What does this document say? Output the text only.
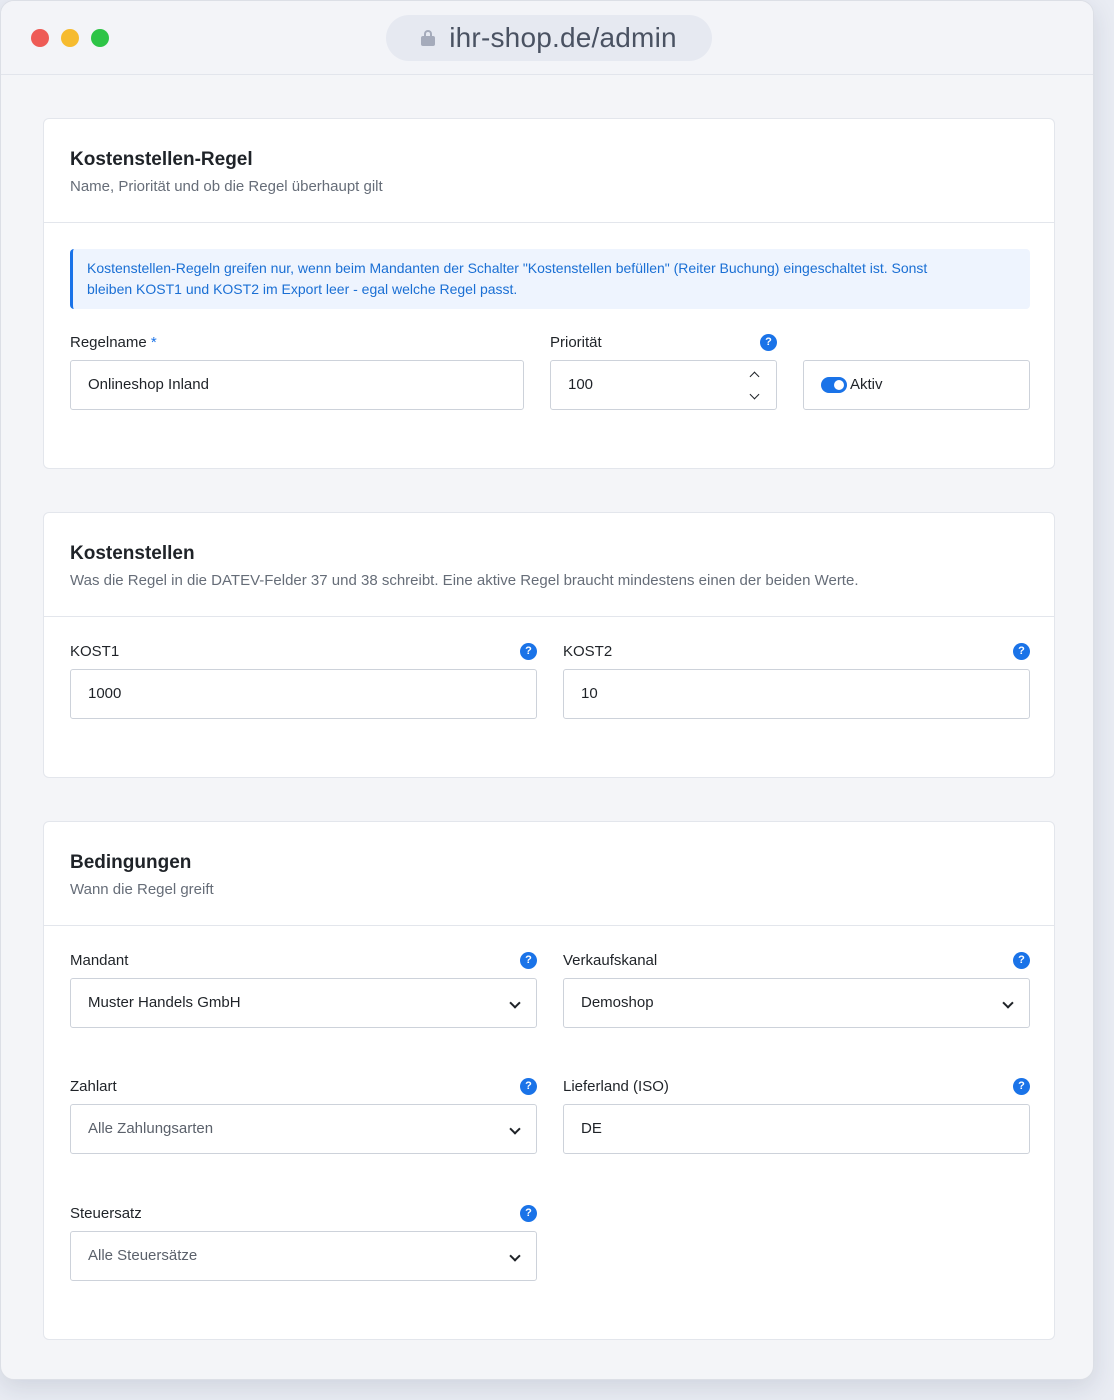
ihr-shop.de/admin
Kostenstellen-Regel
Name, Priorität und ob die Regel überhaupt gilt
Kostenstellen-Regeln greifen nur, wenn beim Mandanten der Schalter "Kostenstellen befüllen" (Reiter Buchung) eingeschaltet ist. Sonst
bleiben KOST1 und KOST2 im Export leer - egal welche Regel passt.
Regelname *
Onlineshop Inland
Priorität	?
100	Aktiv
Kostenstellen
Was die Regel in die DATEV-Felder 37 und 38 schreibt. Eine aktive Regel braucht mindestens einen der beiden Werte.
KOST1	?
1000
KOST2	?
10
Bedingungen
Wann die Regel greift
Mandant	?
Muster Handels GmbH
Verkaufskanal	?
Demoshop
Zahlart	?
Alle Zahlungsarten
Lieferland (ISO)	?
DE
Steuersatz	?
Alle Steuersätze
